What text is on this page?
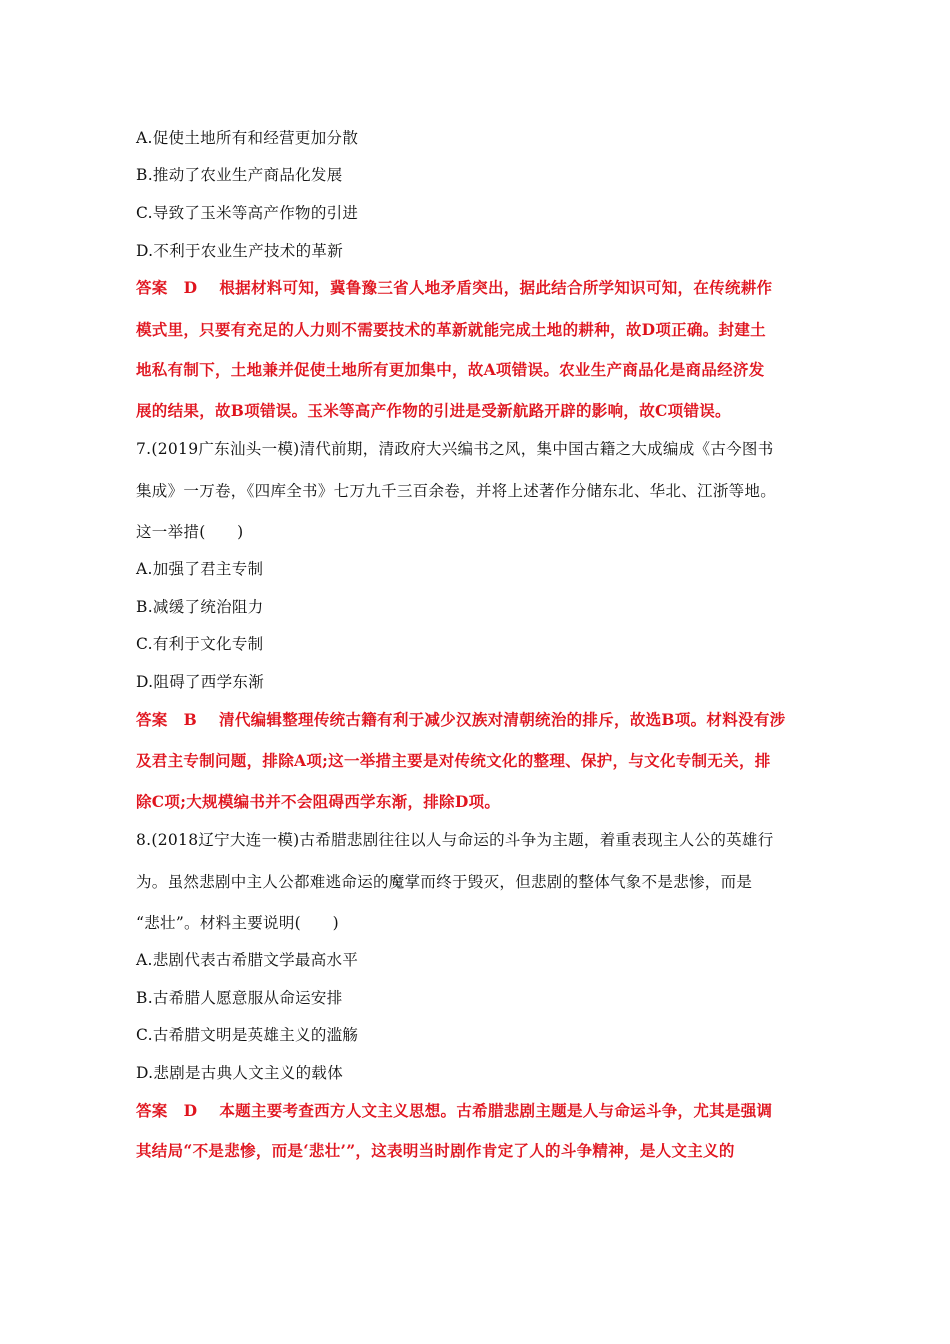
A.促使土地所有和经营更加分散
B.推动了农业生产商品化发展
C.导致了玉米等高产作物的引进
D.不利于农业生产技术的革新
答案 D 根据材料可知，冀鲁豫三省人地矛盾突出，据此结合所学知识可知，在传统耕作
模式里，只要有充足的人力则不需要技术的革新就能完成土地的耕种，故D项正确。封建土
地私有制下，土地兼并促使土地所有更加集中，故A项错误。农业生产商品化是商品经济发
展的结果，故B项错误。玉米等高产作物的引进是受新航路开辟的影响，故C项错误。
7.(2019广东汕头一模)清代前期，清政府大兴编书之风，集中国古籍之大成编成《古今图书
集成》一万卷，《四库全书》七万九千三百余卷，并将上述著作分储东北、华北、江浙等地。
这一举措(　　)
A.加强了君主专制
B.减缓了统治阻力
C.有利于文化专制
D.阻碍了西学东渐
答案 B 清代编辑整理传统古籍有利于减少汉族对清朝统治的排斥，故选B项。材料没有涉
及君主专制问题，排除A项;这一举措主要是对传统文化的整理、保护，与文化专制无关，排
除C项;大规模编书并不会阻碍西学东渐，排除D项。
8.(2018辽宁大连一模)古希腊悲剧往往以人与命运的斗争为主题，着重表现主人公的英雄行
为。虽然悲剧中主人公都难逃命运的魔掌而终于毁灭，但悲剧的整体气象不是悲惨，而是
“悲壮”。材料主要说明(　　)
A.悲剧代表古希腊文学最高水平
B.古希腊人愿意服从命运安排
C.古希腊文明是英雄主义的滥觞
D.悲剧是古典人文主义的载体
答案 D 本题主要考查西方人文主义思想。古希腊悲剧主题是人与命运斗争，尤其是强调
其结局“不是悲惨，而是‘悲壮’”，这表明当时剧作肯定了人的斗争精神，是人文主义的
